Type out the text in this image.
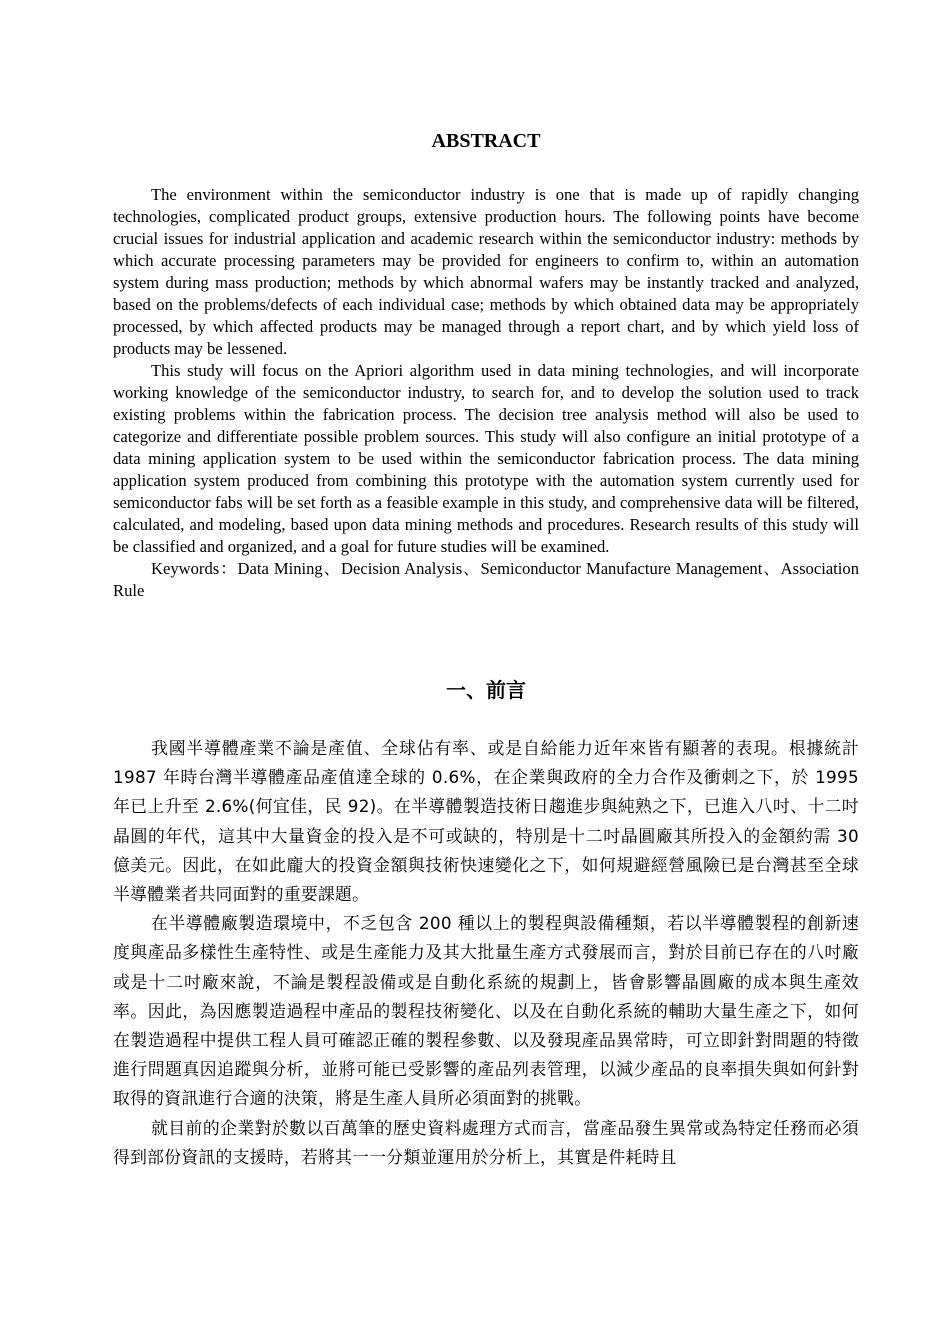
ABSTRACT

The environment within the semiconductor industry is one that is made up of rapidly changing technologies, complicated product groups, extensive production hours. The following points have become crucial issues for industrial application and academic research within the semiconductor industry: methods by which accurate processing parameters may be provided for engineers to confirm to, within an automation system during mass production; methods by which abnormal wafers may be instantly tracked and analyzed, based on the problems/defects of each individual case; methods by which obtained data may be appropriately processed, by which affected products may be managed through a report chart, and by which yield loss of products may be lessened.

This study will focus on the Apriori algorithm used in data mining technologies, and will incorporate working knowledge of the semiconductor industry, to search for, and to develop the solution used to track existing problems within the fabrication process. The decision tree analysis method will also be used to categorize and differentiate possible problem sources. This study will also configure an initial prototype of a data mining application system to be used within the semiconductor fabrication process. The data mining application system produced from combining this prototype with the automation system currently used for semiconductor fabs will be set forth as a feasible example in this study, and comprehensive data will be filtered, calculated, and modeling, based upon data mining methods and procedures. Research results of this study will be classified and organized, and a goal for future studies will be examined.

Keywords：Data Mining、Decision Analysis、Semiconductor Manufacture Management、Association Rule

一、前言

我國半導體產業不論是產值、全球佔有率、或是自給能力近年來皆有顯著的表現。根據統計 1987 年時台灣半導體產品產值達全球的 0.6%，在企業與政府的全力合作及衝刺之下，於 1995 年已上升至 2.6%(何宜佳，民 92)。在半導體製造技術日趨進步與純熟之下，已進入八吋、十二吋晶圓的年代，這其中大量資金的投入是不可或缺的，特別是十二吋晶圓廠其所投入的金額約需 30 億美元。因此，在如此龐大的投資金額與技術快速變化之下，如何規避經營風險已是台灣甚至全球半導體業者共同面對的重要課題。

在半導體廠製造環境中，不乏包含 200 種以上的製程與設備種類，若以半導體製程的創新速度與產品多樣性生產特性、或是生產能力及其大批量生產方式發展而言，對於目前已存在的八吋廠或是十二吋廠來說，不論是製程設備或是自動化系統的規劃上，皆會影響晶圓廠的成本與生產效率。因此，為因應製造過程中產品的製程技術變化、以及在自動化系統的輔助大量生產之下，如何在製造過程中提供工程人員可確認正確的製程參數、以及發現產品異常時，可立即針對問題的特徵進行問題真因追蹤與分析，並將可能已受影響的產品列表管理，以減少產品的良率損失與如何針對取得的資訊進行合適的決策，將是生產人員所必須面對的挑戰。

就目前的企業對於數以百萬筆的歷史資料處理方式而言，當產品發生異常或為特定任務而必須得到部份資訊的支援時，若將其一一分類並運用於分析上，其實是件耗時且
